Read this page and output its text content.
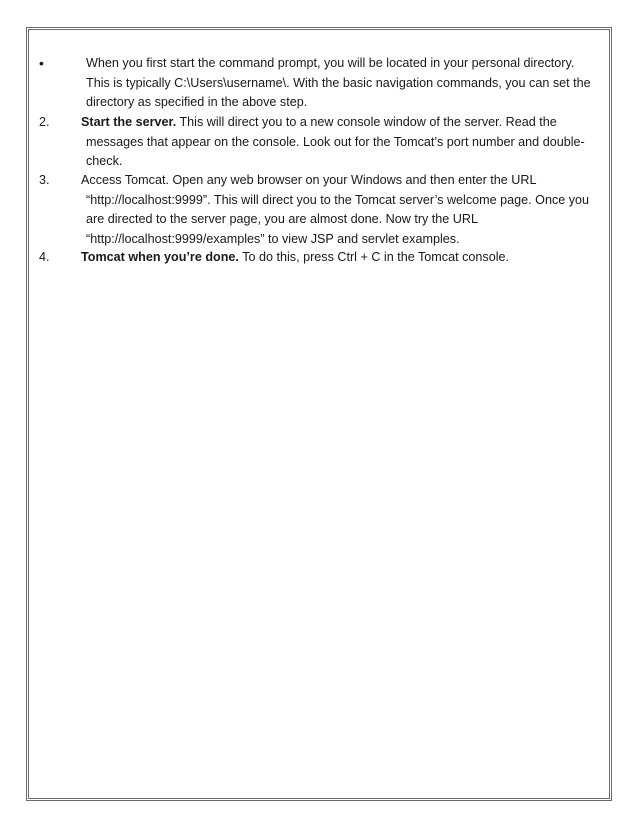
•	When you first start the command prompt, you will be located in your personal directory.
This is typically C:\Users\username\. With the basic navigation commands, you can set the
directory as specified in the above step.
2.	Start the server. This will direct you to a new console window of the server. Read the
messages that appear on the console. Look out for the Tomcat’s port number and double-
check.
3.	Access Tomcat. Open any web browser on your Windows and then enter the URL
“http://localhost:9999”. This will direct you to the Tomcat server’s welcome page. Once you
are directed to the server page, you are almost done. Now try the URL
“http://localhost:9999/examples” to view JSP and servlet examples.
4.	Tomcat when you’re done. To do this, press Ctrl + C in the Tomcat console.
